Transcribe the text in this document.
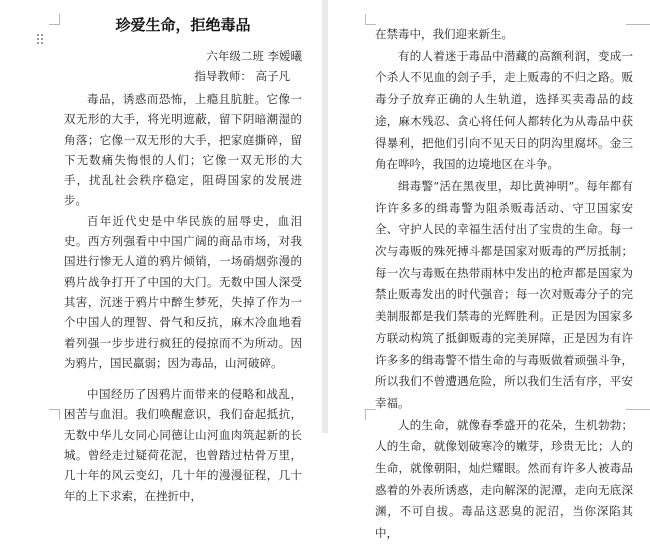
珍爱生命，拒绝毒品

六年级二班 李嫒曦

指导教师： 高子凡

毒品，诱惑而恐怖，上瘾且肮脏。它像一双无形的大手，将光明遮蔽，留下阴暗潮湿的角落；它像一双无形的大手，把家庭撕碎，留下无数痛失悔恨的人们；它像一双无形的大手，扰乱社会秩序稳定，阻碍国家的发展进步。

百年近代史是中华民族的屈辱史，血泪史。西方列强看中中国广阔的商品市场，对我国进行惨无人道的鸦片倾销，一场硝烟弥漫的鸦片战争打开了中国的大门。无数中国人深受其害，沉迷于鸦片中醉生梦死，失掉了作为一个中国人的理智、骨气和反抗，麻木冷血地看着列强一步步进行疯狂的侵掠而不为所动。因为鸦片，国民羸弱；因为毒品，山河破碎。

中国经历了因鸦片而带来的侵略和战乱，困苦与血泪。我们唤醒意识，我们奋起抵抗，无数中华儿女同心同德让山河血肉筑起新的长城。曾经走过疑荷花泥，也曾踏过枯骨万里，几十年的风云变幻，几十年的漫漫征程，几十年的上下求索，在挫折中，

在禁毒中，我们迎来新生。

有的人着迷于毒品中潜藏的高额利润，变成一个杀人不见血的刽子手，走上贩毒的不归之路。贩毒分子放弃正确的人生轨道，选择买卖毒品的歧途，麻木残忍、贪心将任何人都转化为从毒品中获得暴利，把他们引向不见天日的阴沟里腐坏。金三角在哗吟，我国的边境地区在斗争。

缉毒警“活在黑夜里，却比黄神明”。每年都有许许多多的缉毒警为阻杀贩毒活动、守卫国家安全、守护人民的幸福生活付出了宝贵的生命。每一次与毒贩的殊死搏斗都是国家对贩毒的严厉抵制；每一次与毒贩在热带雨林中发出的枪声都是国家为禁止贩毒发出的时代强音；每一次对贩毒分子的完美制服都是我们禁毒的光辉胜利。正是因为国家多方联动构筑了抵御贩毒的完美屏障，正是因为有许许多多的缉毒警不惜生命的与毒贩做着顽强斗争，所以我们不曾遭遇危险，所以我们生活有序，平安幸福。

人的生命，就像春季盛开的花朵，生机勃勃；人的生命，就像划破寒冷的嫩芽，珍贵无比；人的生命，就像朝阳，灿烂耀眼。然而有许多人被毒品惑着的外表所诱惑，走向解深的泥潭，走向无底深渊，不可自拔。毒品这恶臭的泥沼，当你深陷其中，
